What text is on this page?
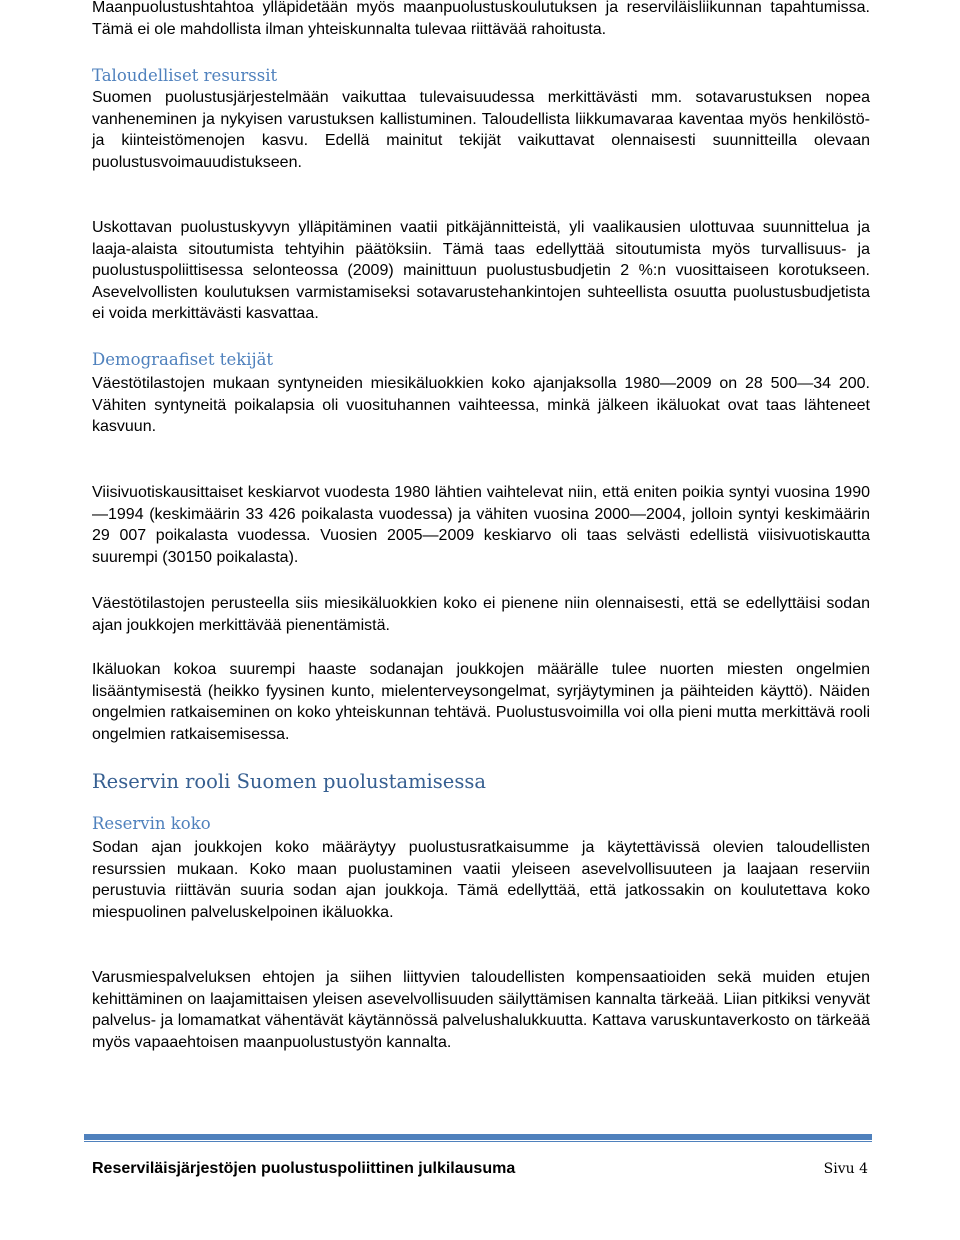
Maanpuolustushtahtoa ylläpidetään myös maanpuolustuskoulutuksen ja reserviläisliikunnan tapahtumissa. Tämä ei ole mahdollista ilman yhteiskunnalta tulevaa riittävää rahoitusta.

Taloudelliset resurssit

Suomen puolustusjärjestelmään vaikuttaa tulevaisuudessa merkittävästi mm. sotavarustuksen nopea vanheneminen ja nykyisen varustuksen kallistuminen. Taloudellista liikkumavaraa kaventaa myös henkilöstö- ja kiinteistömenojen kasvu. Edellä mainitut tekijät vaikuttavat olennaisesti suunnitteilla olevaan puolustusvoimauudistukseen.

Uskottavan puolustuskyvyn ylläpitäminen vaatii pitkäjännitteistä, yli vaalikausien ulottuvaa suunnittelua ja laaja-alaista sitoutumista tehtyihin päätöksiin. Tämä taas edellyttää sitoutumista myös turvallisuus- ja puolustuspoliittisessa selonteossa (2009) mainittuun puolustusbudjetin 2 %:n vuosittaiseen korotukseen. Asevelvollisten koulutuksen varmistamiseksi sotavarustehankintojen suhteellista osuutta puolustusbudjetista ei voida merkittävästi kasvattaa.

Demograafiset tekijät

Väestötilastojen mukaan syntyneiden miesikäluokkien koko ajanjaksolla 1980—2009 on 28 500—34 200. Vähiten syntyneitä poikalapsia oli vuosituhannen vaihteessa, minkä jälkeen ikäluokat ovat taas lähteneet kasvuun.

Viisivuotiskausittaiset keskiarvot vuodesta 1980 lähtien vaihtelevat niin, että eniten poikia syntyi vuosina 1990—1994 (keskimäärin 33 426 poikalasta vuodessa) ja vähiten vuosina 2000—2004, jolloin syntyi keskimäärin 29 007 poikalasta vuodessa. Vuosien 2005—2009 keskiarvo oli taas selvästi edellistä viisivuotiskautta suurempi (30150 poikalasta).

Väestötilastojen perusteella siis miesikäluokkien koko ei pienene niin olennaisesti, että se edellyttäisi sodan ajan joukkojen merkittävää pienentämistä.

Ikäluokan kokoa suurempi haaste sodanajan joukkojen määrälle tulee nuorten miesten ongelmien lisääntymisestä (heikko fyysinen kunto, mielenterveysongelmat, syrjäytyminen ja päihteiden käyttö). Näiden ongelmien ratkaiseminen on koko yhteiskunnan tehtävä. Puolustusvoimilla voi olla pieni mutta merkittävä rooli ongelmien ratkaisemisessa.

Reservin rooli Suomen puolustamisessa
Reservin koko

Sodan ajan joukkojen koko määräytyy puolustusratkaisumme ja käytettävissä olevien taloudellisten resurssien mukaan. Koko maan puolustaminen vaatii yleiseen asevelvollisuuteen ja laajaan reserviin perustuvia riittävän suuria sodan ajan joukkoja. Tämä edellyttää, että jatkossakin on koulutettava koko miespuolinen palveluskelpoinen ikäluokka.

Varusmiespalveluksen ehtojen ja siihen liittyvien taloudellisten kompensaatioiden sekä muiden etujen kehittäminen on laajamittaisen yleisen asevelvollisuuden säilyttämisen kannalta tärkeää. Liian pitkiksi venyvät palvelus- ja lomamatkat vähentävät käytännössä palvelushalukkuutta. Kattava varuskuntaverkosto on tärkeää myös vapaaehtoisen maanpuolustustyön kannalta.

Reserviläisjärjestöjen puolustuspoliittinen julkilausuma	Sivu 4
